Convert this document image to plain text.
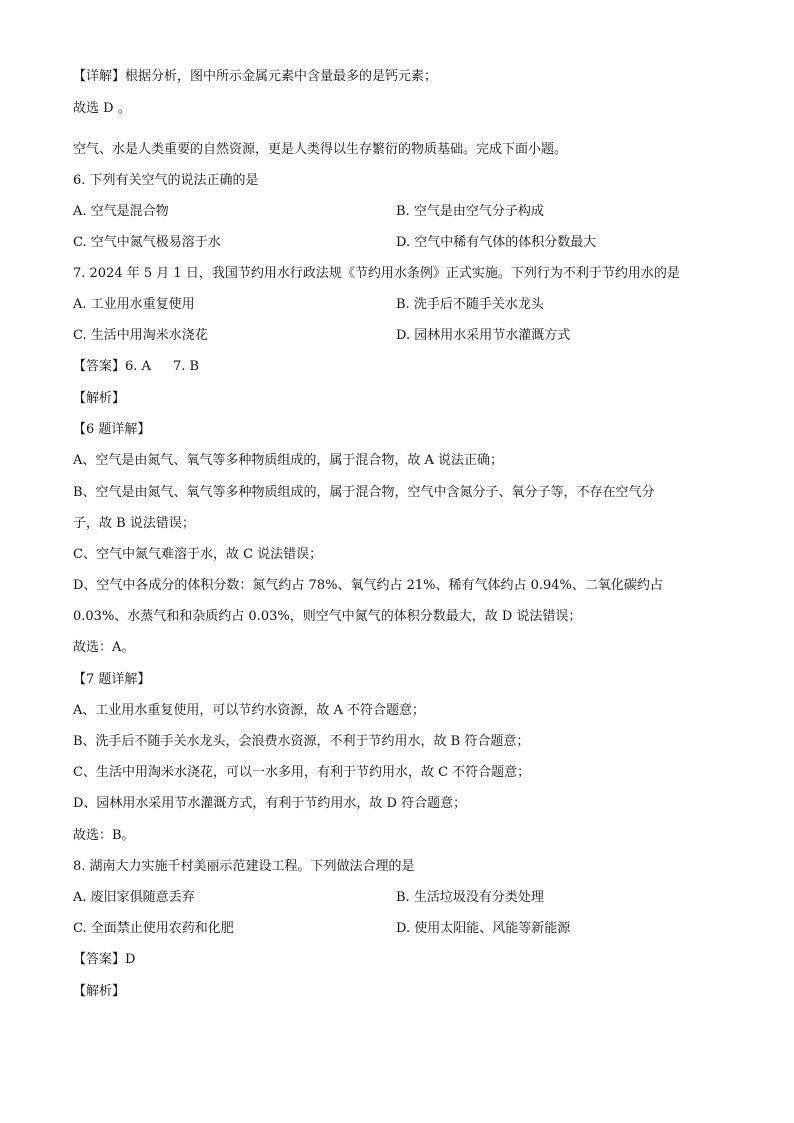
【详解】根据分析，图中所示金属元素中含量最多的是钙元素；
故选 D 。
空气、水是人类重要的自然资源，更是人类得以生存繁衍的物质基础。完成下面小题。
6. 下列有关空气的说法正确的是
A. 空气是混合物	B. 空气是由空气分子构成
C. 空气中氮气极易溶于水	D. 空气中稀有气体的体积分数最大
7. 2024 年 5 月 1 日，我国节约用水行政法规《节约用水条例》正式实施。下列行为不利于节约用水的是
A. 工业用水重复使用	B. 洗手后不随手关水龙头
C. 生活中用淘米水浇花	D. 园林用水采用节水灌溉方式
【答案】6. A 7. B
【解析】
【6 题详解】
A、空气是由氮气、氧气等多种物质组成的，属于混合物，故 A 说法正确；
B、空气是由氮气、氧气等多种物质组成的，属于混合物，空气中含氮分子、氧分子等，不存在空气分
子，故 B 说法错误；
C、空气中氮气难溶于水，故 C 说法错误；
D、空气中各成分的体积分数：氮气约占 78%、氧气约占 21%、稀有气体约占 0.94%、二氧化碳约占
0.03%、水蒸气和和杂质约占 0.03%，则空气中氮气的体积分数最大，故 D 说法错误；
故选：A。
【7 题详解】
A、工业用水重复使用，可以节约水资源，故 A 不符合题意；
B、洗手后不随手关水龙头，会浪费水资源，不利于节约用水，故 B 符合题意；
C、生活中用淘米水浇花，可以一水多用，有利于节约用水，故 C 不符合题意；
D、园林用水采用节水灌溉方式，有利于节约用水，故 D 符合题意；
故选：B。
8. 湖南大力实施千村美丽示范建设工程。下列做法合理的是
A. 废旧家俱随意丢弃	B. 生活垃圾没有分类处理
C. 全面禁止使用农药和化肥	D. 使用太阳能、风能等新能源
【答案】D
【解析】
